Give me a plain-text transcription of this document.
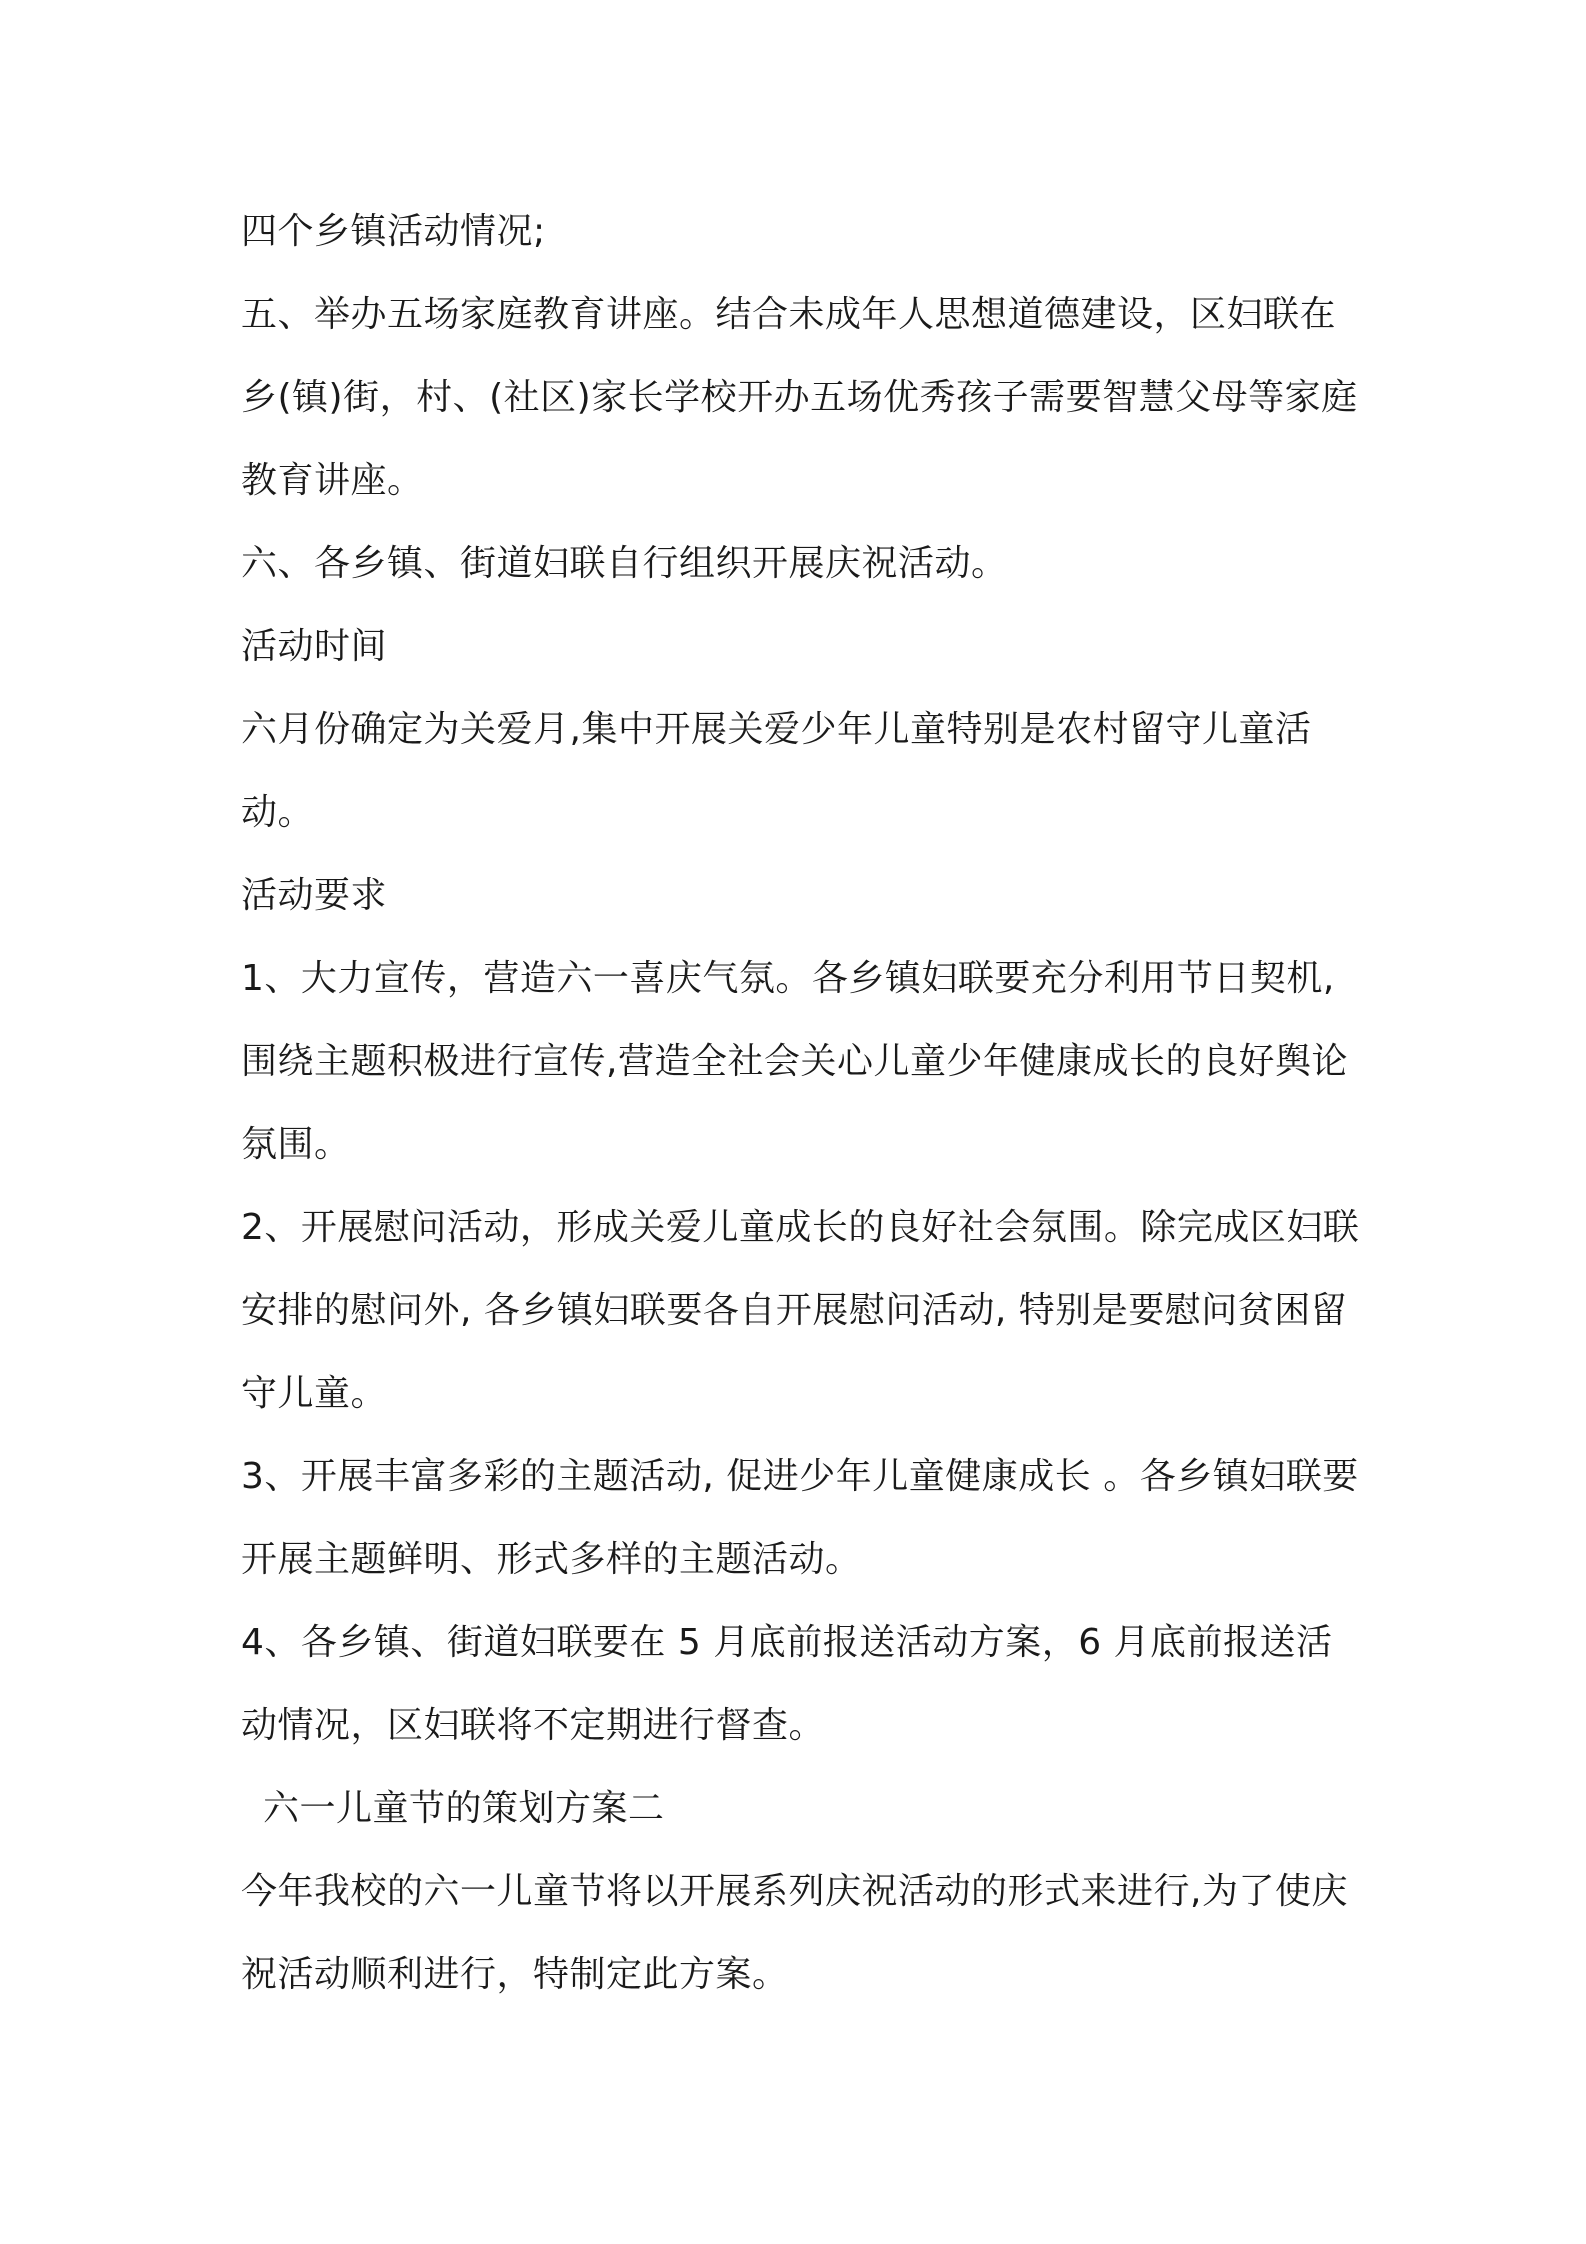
四个乡镇活动情况;

五、举办五场家庭教育讲座。结合未成年人思想道德建设，区妇联在乡(镇)街，村、(社区)家长学校开办五场优秀孩子需要智慧父母等家庭教育讲座。

六、各乡镇、街道妇联自行组织开展庆祝活动。

活动时间

六月份确定为关爱月,集中开展关爱少年儿童特别是农村留守儿童活动。

活动要求

1、大力宣传，营造六一喜庆气氛。各乡镇妇联要充分利用节日契机,围绕主题积极进行宣传,营造全社会关心儿童少年健康成长的良好舆论氛围。

2、开展慰问活动，形成关爱儿童成长的良好社会氛围。除完成区妇联安排的慰问外, 各乡镇妇联要各自开展慰问活动, 特别是要慰问贫困留守儿童。

3、开展丰富多彩的主题活动, 促进少年儿童健康成长 。各乡镇妇联要开展主题鲜明、形式多样的主题活动。

4、各乡镇、街道妇联要在 5 月底前报送活动方案，6 月底前报送活动情况，区妇联将不定期进行督查。

六一儿童节的策划方案二

今年我校的六一儿童节将以开展系列庆祝活动的形式来进行,为了使庆祝活动顺利进行，特制定此方案。
